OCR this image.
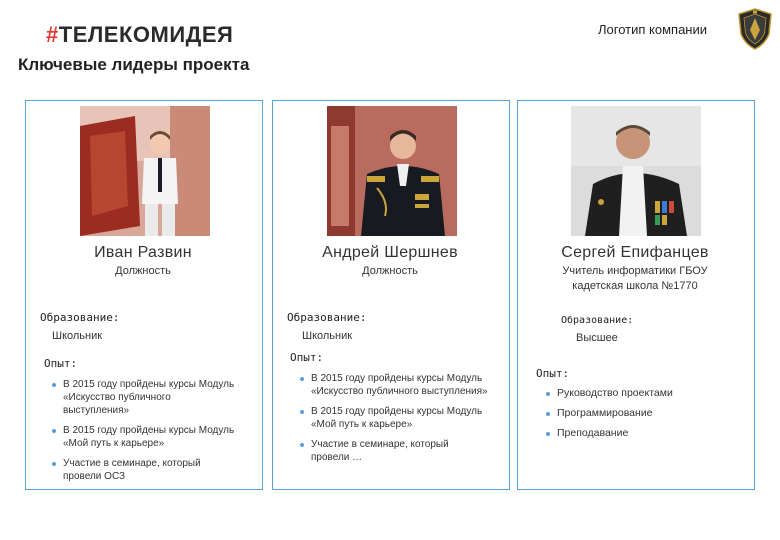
#ТЕЛЕКОМИДЕЯ	Логотип компании
Ключевые лидеры проекта
Иван Развин
Должность
Образование:
Школьник
Опыт:
В 2015 году пройдены курсы Модуль «Искусство публичного выступления»
В 2015 году пройдены курсы Модуль «Мой путь к карьере»
Участие в семинаре, который провели ОСЗ
Андрей Шершнев
Должность
Образование:
Школьник
Опыт:
В 2015 году пройдены курсы Модуль «Искусство публичного выступления»
В 2015 году пройдены курсы Модуль «Мой путь к карьере»
Участие в семинаре, который провели …
Сергей Епифанцев
Учитель информатики ГБОУ кадетская школа №1770
Образование:
Высшее
Опыт:
Руководство проектами
Программирование
Преподавание
